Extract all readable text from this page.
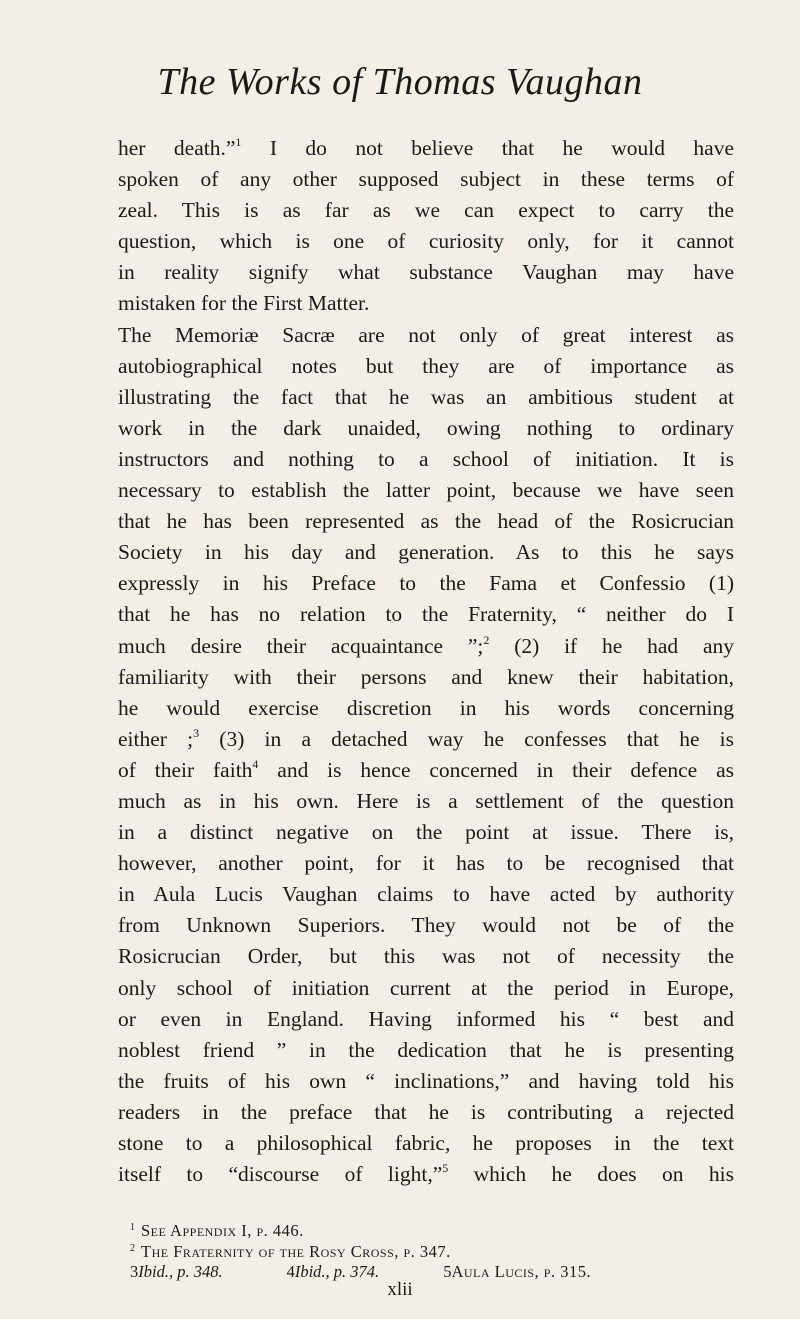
The Works of Thomas Vaughan
her death.”$^1$ I do not believe that he would have
spoken of any other supposed subject in these terms of
zeal. This is as far as we can expect to carry the
question, which is one of curiosity only, for it cannot
in reality signify what substance Vaughan may have
mistaken for the First Matter.
The Memoriæ Sacræ are not only of great interest as
autobiographical notes but they are of importance as
illustrating the fact that he was an ambitious student at
work in the dark unaided, owing nothing to ordinary
instructors and nothing to a school of initiation. It is
necessary to establish the latter point, because we have seen
that he has been represented as the head of the Rosicrucian
Society in his day and generation. As to this he says
expressly in his Preface to the Fama et Confessio (1)
that he has no relation to the Fraternity, “ neither do I
much desire their acquaintance ”;$^2$ (2) if he had any
familiarity with their persons and knew their habitation,
he would exercise discretion in his words concerning
either ;$^3$ (3) in a detached way he confesses that he is
of their faith$^4$ and is hence concerned in their defence as
much as in his own. Here is a settlement of the question
in a distinct negative on the point at issue. There is,
however, another point, for it has to be recognised that
in Aula Lucis Vaughan claims to have acted by authority
from Unknown Superiors. They would not be of the
Rosicrucian Order, but this was not of necessity the
only school of initiation current at the period in Europe,
or even in England. Having informed his “ best and
noblest friend ” in the dedication that he is presenting
the fruits of his own “ inclinations,” and having told his
readers in the preface that he is contributing a rejected
stone to a philosophical fabric, he proposes in the text
itself to “discourse of light,”$^5$ which he does on his
$^1$ See Appendix I, p. 446.
$^2$ The Fraternity of the Rosy Cross, p. 347.
3Ibid., p. 348.	4Ibid., p. 374.	5Aula Lucis, p. 315.
xlii
